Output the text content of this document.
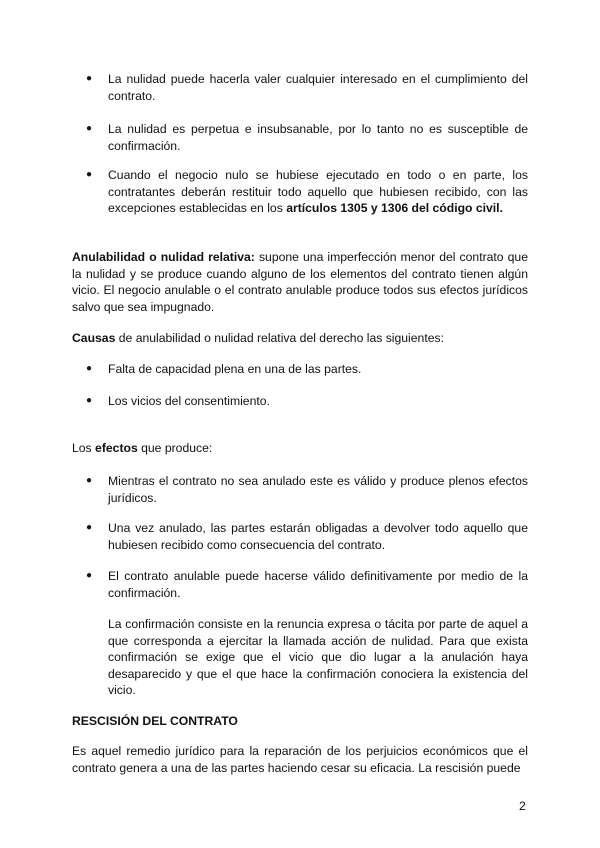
●	La nulidad puede hacerla valer cualquier interesado en el cumplimiento del contrato.

●	La nulidad es perpetua e insubsanable, por lo tanto no es susceptible de confirmación.

●	Cuando el negocio nulo se hubiese ejecutado en todo o en parte, los contratantes deberán restituir todo aquello que hubiesen recibido, con las excepciones establecidas en los artículos 1305 y 1306 del código civil.

Anulabilidad o nulidad relativa: supone una imperfección menor del contrato que la nulidad y se produce cuando alguno de los elementos del contrato tienen algún vicio. El negocio anulable o el contrato anulable produce todos sus efectos jurídicos salvo que sea impugnado.

Causas de anulabilidad o nulidad relativa del derecho las siguientes:

●	Falta de capacidad plena en una de las partes.

●	Los vicios del consentimiento.

Los efectos que produce:

●	Mientras el contrato no sea anulado este es válido y produce plenos efectos jurídicos.

●	Una vez anulado, las partes estarán obligadas a devolver todo aquello que hubiesen recibido como consecuencia del contrato.

●	El contrato anulable puede hacerse válido definitivamente por medio de la confirmación.

La confirmación consiste en la renuncia expresa o tácita por parte de aquel a que corresponda a ejercitar la llamada acción de nulidad. Para que exista confirmación se exige que el vicio que dio lugar a la anulación haya desaparecido y que el que hace la confirmación conociera la existencia del vicio.

RESCISIÓN DEL CONTRATO

Es aquel remedio jurídico para la reparación de los perjuicios económicos que el contrato genera a una de las partes haciendo cesar su eficacia. La rescisión puede

2
